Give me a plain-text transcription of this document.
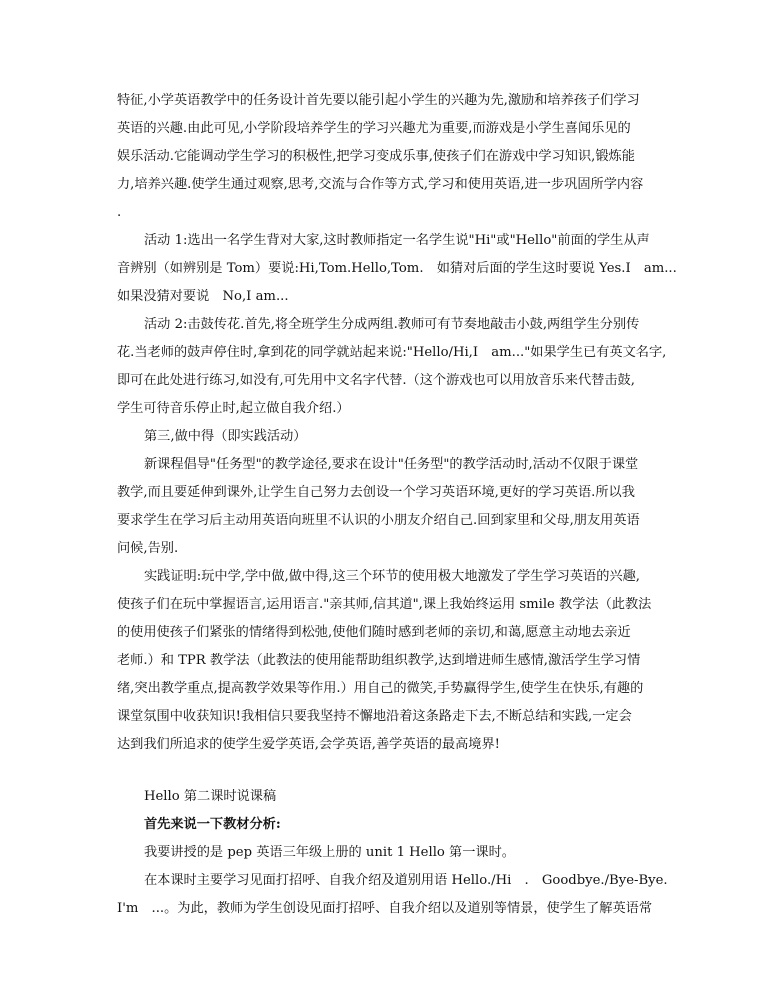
特征,小学英语教学中的任务设计首先要以能引起小学生的兴趣为先,激励和培养孩子们学习
英语的兴趣.由此可见,小学阶段培养学生的学习兴趣尤为重要,而游戏是小学生喜闻乐见的
娱乐活动.它能调动学生学习的积极性,把学习变成乐事,使孩子们在游戏中学习知识,锻炼能
力,培养兴趣.使学生通过观察,思考,交流与合作等方式,学习和使用英语,进一步巩固所学内容
.
活动 1:选出一名学生背对大家,这时教师指定一名学生说"Hi"或"Hello"前面的学生从声
音辨别（如辨别是 Tom）要说:Hi,Tom.Hello,Tom.　如猜对后面的学生这时要说 Yes.I　am...
如果没猜对要说　No,I am...
活动 2:击鼓传花.首先,将全班学生分成两组.教师可有节奏地敲击小鼓,两组学生分别传
花.当老师的鼓声停住时,拿到花的同学就站起来说:"Hello/Hi,I　am..."如果学生已有英文名字,
即可在此处进行练习,如没有,可先用中文名字代替.（这个游戏也可以用放音乐来代替击鼓,
学生可待音乐停止时,起立做自我介绍.）
第三,做中得（即实践活动）
新课程倡导"任务型"的教学途径,要求在设计"任务型"的教学活动时,活动不仅限于课堂
教学,而且要延伸到课外,让学生自己努力去创设一个学习英语环境,更好的学习英语.所以我
要求学生在学习后主动用英语向班里不认识的小朋友介绍自己.回到家里和父母,朋友用英语
问候,告别.
实践证明:玩中学,学中做,做中得,这三个环节的使用极大地激发了学生学习英语的兴趣,
使孩子们在玩中掌握语言,运用语言."亲其师,信其道",课上我始终运用 smile 教学法（此教法
的使用使孩子们紧张的情绪得到松弛,使他们随时感到老师的亲切,和蔼,愿意主动地去亲近
老师.）和 TPR 教学法（此教法的使用能帮助组织教学,达到增进师生感情,激活学生学习情
绪,突出教学重点,提高教学效果等作用.）用自己的微笑,手势赢得学生,使学生在快乐,有趣的
课堂氛围中收获知识!我相信只要我坚持不懈地沿着这条路走下去,不断总结和实践,一定会
达到我们所追求的使学生爱学英语,会学英语,善学英语的最高境界!
Hello 第二课时说课稿
首先来说一下教材分析:
我要讲授的是 pep 英语三年级上册的 unit 1 Hello 第一课时。
在本课时主要学习见面打招呼、自我介绍及道别用语 Hello./Hi　.　Goodbye./Bye-Bye.
I'm　...。为此，教师为学生创设见面打招呼、自我介绍以及道别等情景，使学生了解英语常
